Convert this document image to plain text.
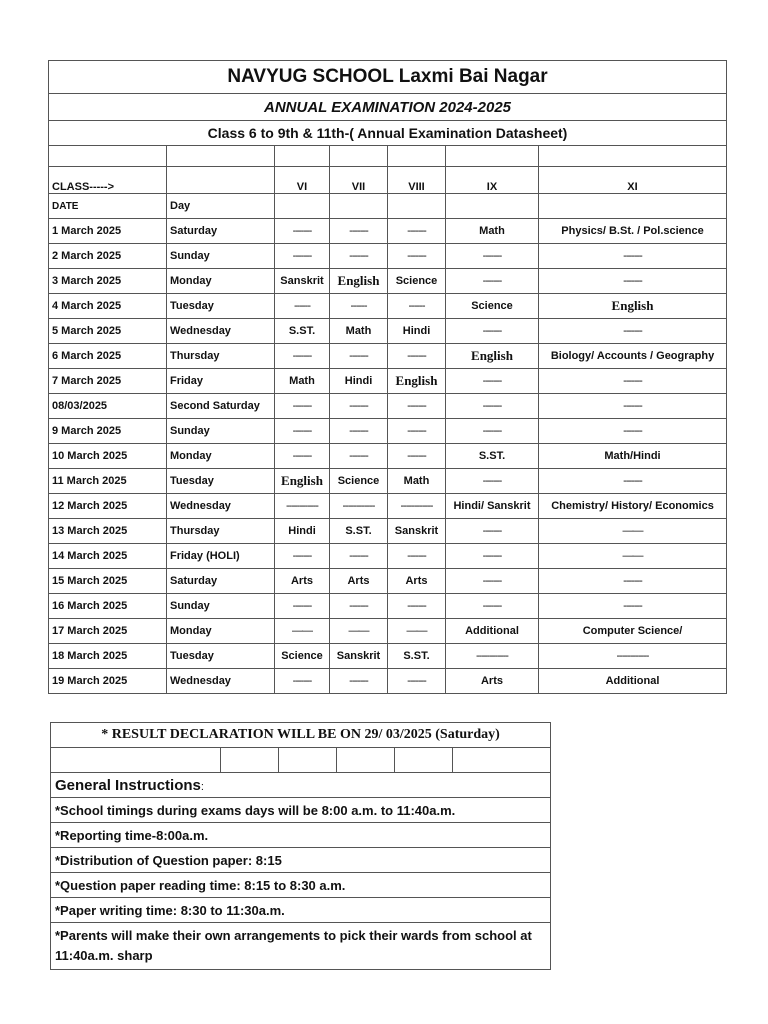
NAVYUG SCHOOL Laxmi Bai Nagar						
ANNUAL EXAMINATION 2024-2025						
Class 6 to 9th & 11th-( Annual Examination Datasheet)						

CLASS----->		VI	VII	VIII	IX	XI
DATE	Day					
1 March 2025	Saturday	-------	-------	-------	Math	Physics/ B.St. / Pol.science
2 March 2025	Sunday	-------	-------	-------	-------	-------
3 March 2025	Monday	Sanskrit	English	Science	-------	-------
4 March 2025	Tuesday	------	------	------	Science	English
5 March 2025	Wednesday	S.ST.	Math	Hindi	-------	-------
6 March 2025	Thursday	-------	-------	-------	English	Biology/ Accounts / Geography
7 March 2025	Friday	Math	Hindi	English	-------	-------
08/03/2025	Second Saturday	-------	-------	-------	-------	-------
9 March 2025	Sunday	-------	-------	-------	-------	-------
10 March 2025	Monday	-------	-------	-------	S.ST.	Math/Hindi
11 March 2025	Tuesday	English	Science	Math	-------	-------
12 March 2025	Wednesday	------------	------------	------------	Hindi/ Sanskrit	Chemistry/ History/ Economics
13 March 2025	Thursday	Hindi	S.ST.	Sanskrit	-------	——
14 March 2025	Friday (HOLI)	-------	-------	-------	-------	——
15 March 2025	Saturday	Arts	Arts	Arts	-------	-------
16 March 2025	Sunday	-------	-------	-------	-------	-------
17 March 2025	Monday	——	——	——	Additional	Computer Science/
18 March 2025	Tuesday	Science	Sanskrit	S.ST.	------------	------------
19 March 2025	Wednesday	-------	-------	-------	Arts	Additional
* RESULT DECLARATION WILL BE ON 29/ 03/2025 (Saturday)

General Instructions:
*School timings during exams days will be 8:00 a.m. to 11:40a.m.
*Reporting time-8:00a.m.
*Distribution of Question paper: 8:15
*Question paper reading time: 8:15 to 8:30 a.m.
*Paper writing time: 8:30 to 11:30a.m.
*Parents will make their own arrangements to pick their wards from school at 11:40a.m. sharp
